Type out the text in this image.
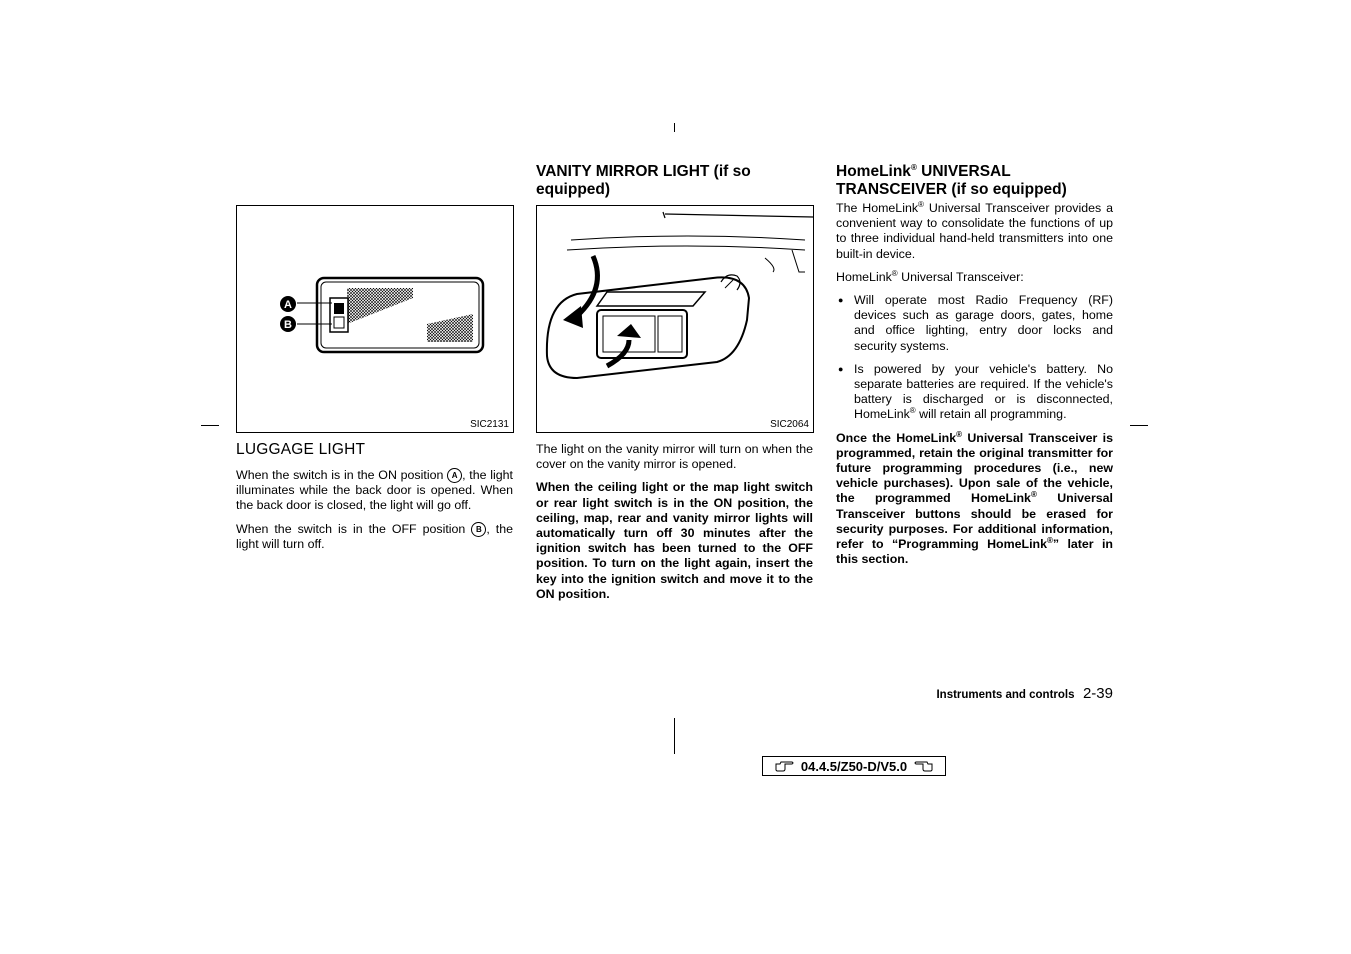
A
B
SIC2131
LUGGAGE LIGHT

When the switch is in the ON position A , the light illuminates while the back door is opened. When the back door is closed, the light will go off.

When the switch is in the OFF position B , the light will turn off.

VANITY MIRROR LIGHT (if so equipped)
SIC2064

The light on the vanity mirror will turn on when the cover on the vanity mirror is opened.

When the ceiling light or the map light switch or rear light switch is in the ON position, the ceiling, map, rear and vanity mirror lights will automatically turn off 30 minutes after the ignition switch has been turned to the OFF position. To turn on the light again, insert the key into the ignition switch and move it to the ON position.

HomeLink® UNIVERSAL TRANSCEIVER (if so equipped)

The HomeLink® Universal Transceiver provides a convenient way to consolidate the functions of up to three individual hand-held transmitters into one built-in device.

HomeLink® Universal Transceiver:

● Will operate most Radio Frequency (RF) devices such as garage doors, gates, home and office lighting, entry door locks and security systems.
● Is powered by your vehicle's battery. No separate batteries are required. If the vehicle's battery is discharged or is disconnected, HomeLink® will retain all programming.

Once the HomeLink® Universal Transceiver is programmed, retain the original transmitter for future programming procedures (i.e., new vehicle purchases). Upon sale of the vehicle, the programmed HomeLink® Universal Transceiver buttons should be erased for security purposes. For additional information, refer to “Programming HomeLink®” later in this section.

Instruments and controls 2-39
04.4.5/Z50-D/V5.0
